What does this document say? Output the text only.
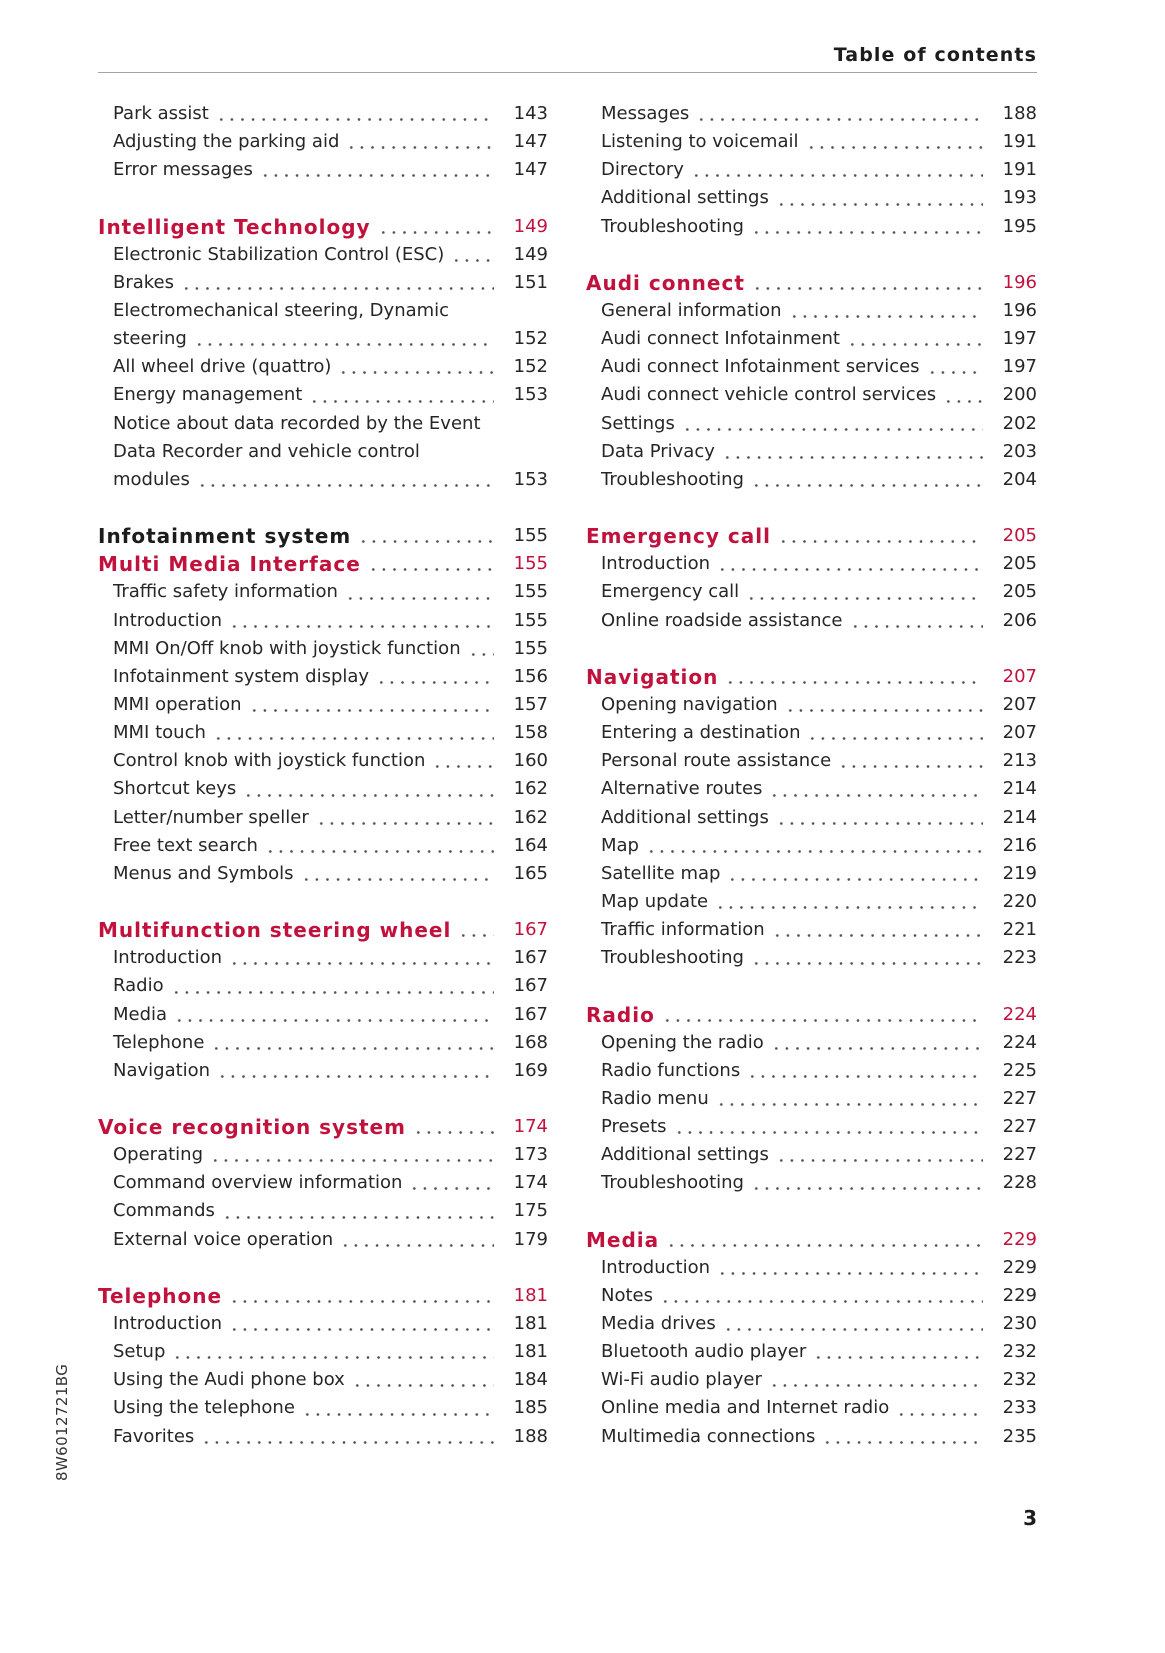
Table of contents
Park assist	143
Adjusting the parking aid	147
Error messages	147
Intelligent Technology	149
Electronic Stabilization Control (ESC)	149
Brakes	151
Electromechanical steering, Dynamic
steering	152
All wheel drive (quattro)	152
Energy management	153
Notice about data recorded by the Event
Data Recorder and vehicle control
modules	153
Infotainment system	155
Multi Media Interface	155
Traffic safety information	155
Introduction	155
MMI On/Off knob with joystick function	155
Infotainment system display	156
MMI operation	157
MMI touch	158
Control knob with joystick function	160
Shortcut keys	162
Letter/number speller	162
Free text search	164
Menus and Symbols	165
Multifunction steering wheel	167
Introduction	167
Radio	167
Media	167
Telephone	168
Navigation	169
Voice recognition system	174
Operating	173
Command overview information	174
Commands	175
External voice operation	179
Telephone	181
Introduction	181
Setup	181
Using the Audi phone box	184
Using the telephone	185
Favorites	188
Messages	188
Listening to voicemail	191
Directory	191
Additional settings	193
Troubleshooting	195
Audi connect	196
General information	196
Audi connect Infotainment	197
Audi connect Infotainment services	197
Audi connect vehicle control services	200
Settings	202
Data Privacy	203
Troubleshooting	204
Emergency call	205
Introduction	205
Emergency call	205
Online roadside assistance	206
Navigation	207
Opening navigation	207
Entering a destination	207
Personal route assistance	213
Alternative routes	214
Additional settings	214
Map	216
Satellite map	219
Map update	220
Traffic information	221
Troubleshooting	223
Radio	224
Opening the radio	224
Radio functions	225
Radio menu	227
Presets	227
Additional settings	227
Troubleshooting	228
Media	229
Introduction	229
Notes	229
Media drives	230
Bluetooth audio player	232
Wi-Fi audio player	232
Online media and Internet radio	233
Multimedia connections	235
8W6012721BG
3
